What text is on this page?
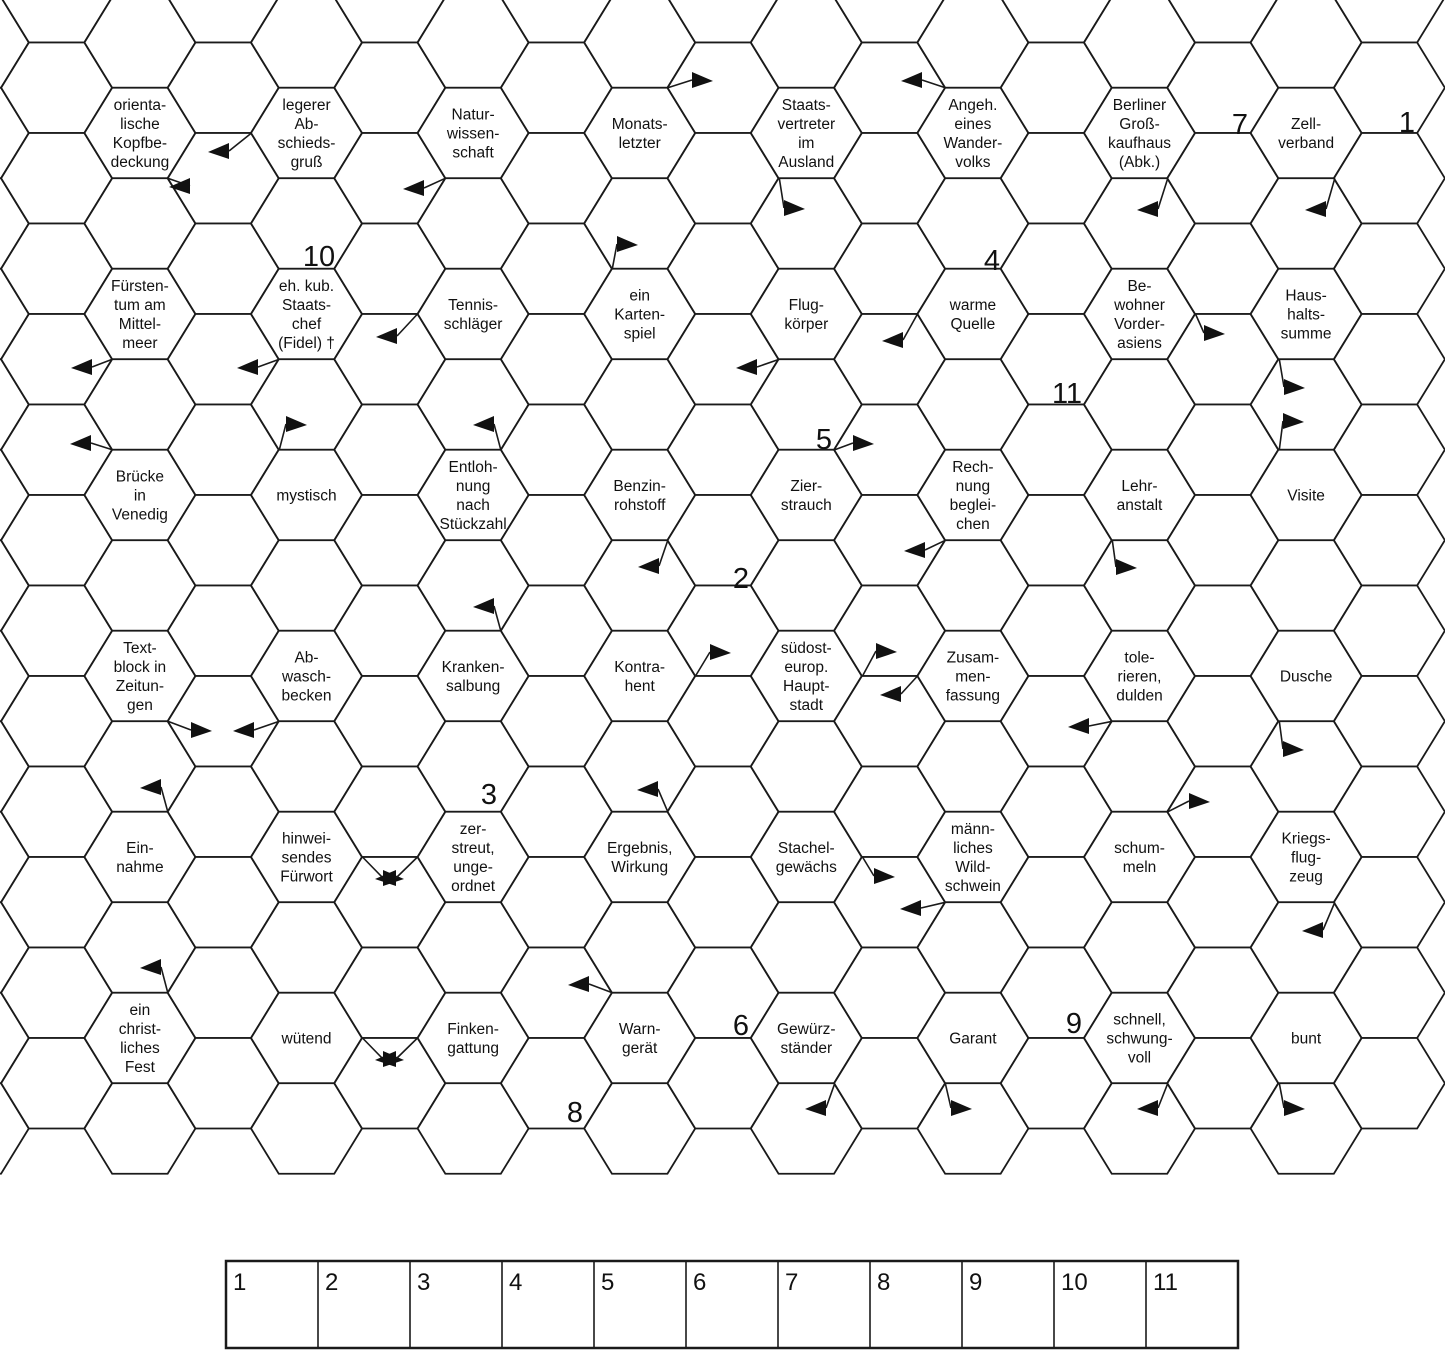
orienta-lische Kopfbe-deckung
Fürsten-tum am Mittel-meer
Brücke in Venedig
Text-block in Zeitun-gen
Ein-nahme
ein christ-liches Fest
legerer Ab-schieds-gruß
eh. kub. Staats-chef (Fidel) †
mystisch
Ab-wasch-becken
hinwei-sendes Fürwort
wütend
Natur-wissen-schaft
Tennis-schläger
Entloh-nung nach Stückzahl
Kranken-salbung
zer-streut, unge-ordnet
Finken-gattung
Monats-letzter
ein Karten-spiel
Benzin-rohstoff
Kontra-hent
Ergebnis, Wirkung
Warn-gerät
Staats-vertreter im Ausland
Flug-körper
Zier-strauch
südost-europ. Haupt-stadt
Stachel-gewächs
Gewürz-ständer
Angeh. eines Wander-volks
warme Quelle
Rech-nung beglei-chen
Zusam-men-fassung
männ-liches Wild-schwein
Garant
Berliner Groß-kaufhaus (Abk.)
Be-wohner Vorder-asiens
Lehr-anstalt
tole-rieren, dulden
schum-meln
schnell, schwung-voll
Zell-verband
Haus-halts-summe
Visite
Dusche
Kriegs-flug-zeug
bunt
1
2
3
4
5
6
7
8
9
10
11
1	2	3	4	5	6	7	8	9	10	11
